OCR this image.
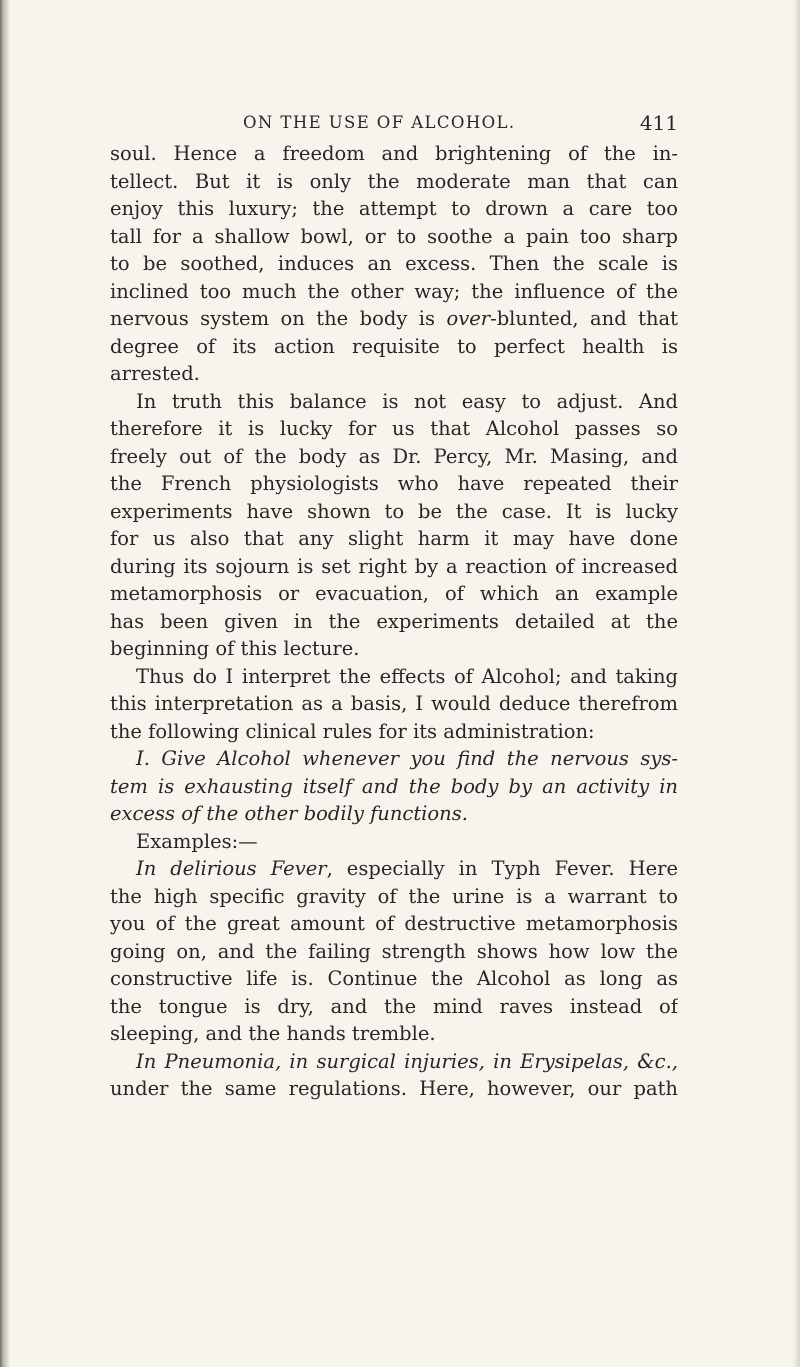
ON THE USE OF ALCOHOL.	411
soul. Hence a freedom and brightening of the in-
tellect. But it is only the moderate man that can
enjoy this luxury; the attempt to drown a care too
tall for a shallow bowl, or to soothe a pain too sharp
to be soothed, induces an excess. Then the scale is
inclined too much the other way; the influence of the
nervous system on the body is over-blunted, and that
degree of its action requisite to perfect health is
arrested.
In truth this balance is not easy to adjust. And
therefore it is lucky for us that Alcohol passes so
freely out of the body as Dr. Percy, Mr. Masing, and
the French physiologists who have repeated their
experiments have shown to be the case. It is lucky
for us also that any slight harm it may have done
during its sojourn is set right by a reaction of increased
metamorphosis or evacuation, of which an example
has been given in the experiments detailed at the
beginning of this lecture.
Thus do I interpret the effects of Alcohol; and taking
this interpretation as a basis, I would deduce therefrom
the following clinical rules for its administration:
I. Give Alcohol whenever you find the nervous sys-
tem is exhausting itself and the body by an activity in
excess of the other bodily functions.
Examples:—
In delirious Fever, especially in Typh Fever. Here
the high specific gravity of the urine is a warrant to
you of the great amount of destructive metamorphosis
going on, and the failing strength shows how low the
constructive life is. Continue the Alcohol as long as
the tongue is dry, and the mind raves instead of
sleeping, and the hands tremble.
In Pneumonia, in surgical injuries, in Erysipelas, &c.,
under the same regulations. Here, however, our path
